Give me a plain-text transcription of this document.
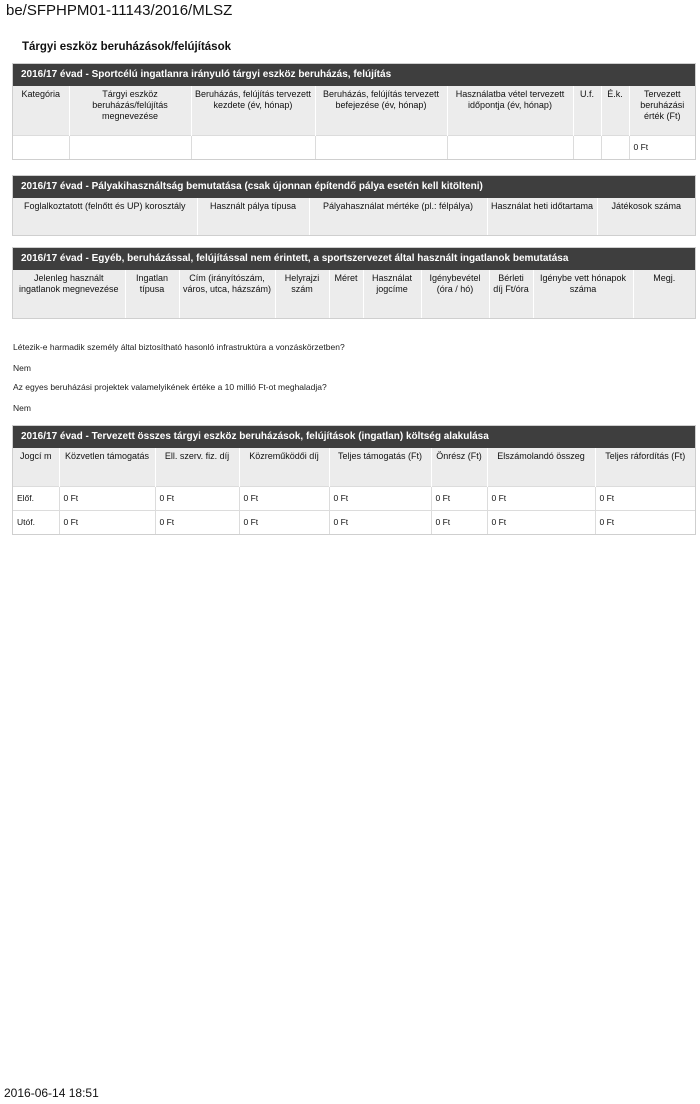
be/SFPHPM01-11143/2016/MLSZ
Tárgyi eszköz beruházások/felújítások
2016/17 évad - Sportcélú ingatlanra irányuló tárgyi eszköz beruházás, felújítás
Kategória	Tárgyi eszköz beruházás/felújítás megnevezése	Beruházás, felújítás tervezett kezdete (év, hónap)	Beruházás, felújítás tervezett befejezése (év, hónap)	Használatba vétel tervezett időpontja (év, hónap)	U.f.	É.k.	Tervezett beruházási érték (Ft)
							0 Ft
2016/17 évad - Pályakihasználtság bemutatása (csak újonnan építendő pálya esetén kell kitölteni)
Foglalkoztatott (felnőtt és UP) korosztály	Használt pálya típusa	Pályahasználat mértéke (pl.: félpálya)	Használat heti időtartama	Játékosok száma
2016/17 évad - Egyéb, beruházással, felújítással nem érintett, a sportszervezet által használt ingatlanok bemutatása
Jelenleg használt ingatlanok megnevezése	Ingatlan típusa	Cím (irányítószám, város, utca, házszám)	Helyrajzi szám	Méret	Használat jogcíme	Igénybevétel (óra / hó)	Bérleti díj Ft/óra	Igénybe vett hónapok száma	Megj.
Létezik-e harmadik személy által biztosítható hasonló infrastruktúra a vonzáskörzetben?
Nem
Az egyes beruházási projektek valamelyikének értéke a 10 millió Ft-ot meghaladja?
Nem
2016/17 évad - Tervezett összes tárgyi eszköz beruházások, felújítások (ingatlan) költség alakulása
Jogcí m	Közvetlen támogatás	Ell. szerv. fiz. díj	Közreműködői díj	Teljes támogatás (Ft)	Önrész (Ft)	Elszámolandó összeg	Teljes ráfordítás (Ft)
Előf.	0 Ft	0 Ft	0 Ft	0 Ft	0 Ft	0 Ft	0 Ft
Utóf.	0 Ft	0 Ft	0 Ft	0 Ft	0 Ft	0 Ft	0 Ft
2016-06-14 18:51
